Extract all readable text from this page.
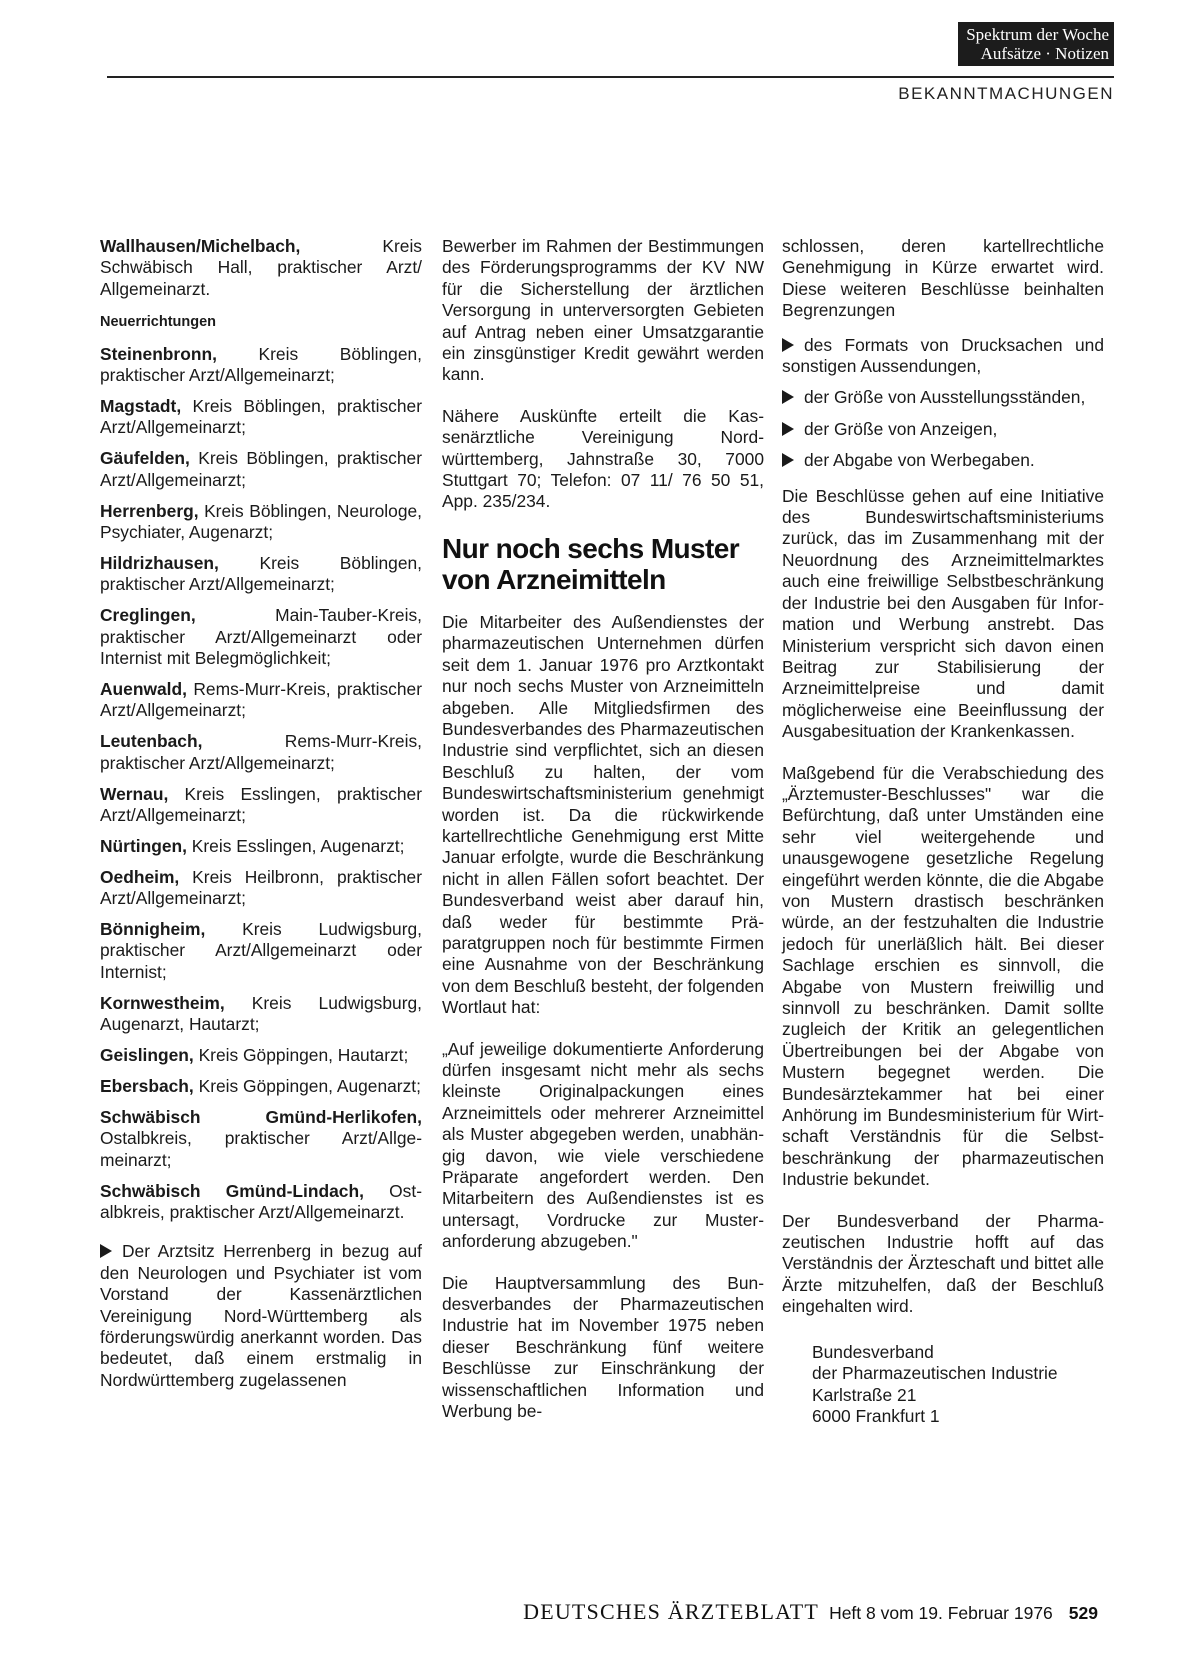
Spektrum der Woche
Aufsätze · Notizen
BEKANNTMACHUNGEN

Wallhausen/Michelbach, Kreis Schwäbisch Hall, praktischer Arzt/ Allgemeinarzt.

Neuerrichtungen

Steinenbronn, Kreis Böblingen, praktischer Arzt/Allgemeinarzt;

Magstadt, Kreis Böblingen, praktischer Arzt/Allgemeinarzt;

Gäufelden, Kreis Böblingen, praktischer Arzt/Allgemeinarzt;

Herrenberg, Kreis Böblingen, Neurologe, Psychiater, Augenarzt;

Hildrizhausen, Kreis Böblingen, praktischer Arzt/Allgemeinarzt;

Creglingen, Main-Tauber-Kreis, praktischer Arzt/Allgemeinarzt oder Internist mit Belegmöglichkeit;

Auenwald, Rems-Murr-Kreis, praktischer Arzt/Allgemeinarzt;

Leutenbach, Rems-Murr-Kreis, praktischer Arzt/Allgemeinarzt;

Wernau, Kreis Esslingen, praktischer Arzt/Allgemeinarzt;

Nürtingen, Kreis Esslingen, Augenarzt;

Oedheim, Kreis Heilbronn, praktischer Arzt/Allgemeinarzt;

Bönnigheim, Kreis Ludwigsburg, praktischer Arzt/Allgemeinarzt oder Internist;

Kornwestheim, Kreis Ludwigsburg, Augenarzt, Hautarzt;

Geislingen, Kreis Göppingen, Hautarzt;

Ebersbach, Kreis Göppingen, Augenarzt;

Schwäbisch Gmünd-Herlikofen, Ostalbkreis, praktischer Arzt/Allgemeinarzt;

Schwäbisch Gmünd-Lindach, Ostalbkreis, praktischer Arzt/Allgemeinarzt.

Der Arztsitz Herrenberg in bezug auf den Neurologen und Psychiater ist vom Vorstand der Kassenärztlichen Vereinigung Nord-Württemberg als förderungswürdig anerkannt worden. Das bedeutet, daß einem erstmalig in Nordwürttemberg zugelassenen

Bewerber im Rahmen der Bestimmungen des Förderungsprogramms der KV NW für die Sicherstellung der ärztlichen Versorgung in unterversorgten Gebieten auf Antrag neben einer Umsatzgarantie ein zinsgünstiger Kredit gewährt werden kann.

Nähere Auskünfte erteilt die Kassenärztliche Vereinigung Nordwürttemberg, Jahnstraße 30, 7000 Stuttgart 70; Telefon: 07 11/ 76 50 51, App. 235/234.

Nur noch sechs Muster von Arzneimitteln

Die Mitarbeiter des Außendienstes der pharmazeutischen Unternehmen dürfen seit dem 1. Januar 1976 pro Arztkontakt nur noch sechs Muster von Arzneimitteln abgeben. Alle Mitgliedsfirmen des Bundesverbandes des Pharmazeutischen Industrie sind verpflichtet, sich an diesen Beschluß zu halten, der vom Bundeswirtschaftsministerium genehmigt worden ist. Da die rückwirkende kartellrechtliche Genehmigung erst Mitte Januar erfolgte, wurde die Beschränkung nicht in allen Fällen sofort beachtet. Der Bundesverband weist aber darauf hin, daß weder für bestimmte Präparatgruppen noch für bestimmte Firmen eine Ausnahme von der Beschränkung von dem Beschluß besteht, der folgenden Wortlaut hat:

„Auf jeweilige dokumentierte Anforderung dürfen insgesamt nicht mehr als sechs kleinste Originalpackungen eines Arzneimittels oder mehrerer Arzneimittel als Muster abgegeben werden, unabhängig davon, wie viele verschiedene Präparate angefordert werden. Den Mitarbeitern des Außendienstes ist es untersagt, Vordrucke zur Musteranforderung abzugeben."

Die Hauptversammlung des Bundesverbandes der Pharmazeutischen Industrie hat im November 1975 neben dieser Beschränkung fünf weitere Beschlüsse zur Einschränkung der wissenschaftlichen Information und Werbung be-

schlossen, deren kartellrechtliche Genehmigung in Kürze erwartet wird. Diese weiteren Beschlüsse beinhalten Begrenzungen

des Formats von Drucksachen und sonstigen Aussendungen,

der Größe von Ausstellungsständen,

der Größe von Anzeigen,

der Abgabe von Werbegaben.

Die Beschlüsse gehen auf eine Initiative des Bundeswirtschaftsministeriums zurück, das im Zusammenhang mit der Neuordnung des Arzneimittelmarktes auch eine freiwillige Selbstbeschränkung der Industrie bei den Ausgaben für Information und Werbung anstrebt. Das Ministerium verspricht sich davon einen Beitrag zur Stabilisierung der Arzneimittelpreise und damit möglicherweise eine Beeinflussung der Ausgabesituation der Krankenkassen.

Maßgebend für die Verabschiedung des „Ärztemuster-Beschlusses" war die Befürchtung, daß unter Umständen eine sehr viel weitergehende und unausgewogene gesetzliche Regelung eingeführt werden könnte, die die Abgabe von Mustern drastisch beschränken würde, an der festzuhalten die Industrie jedoch für unerläßlich hält. Bei dieser Sachlage erschien es sinnvoll, die Abgabe von Mustern freiwillig und sinnvoll zu beschränken. Damit sollte zugleich der Kritik an gelegentlichen Übertreibungen bei der Abgabe von Mustern begegnet werden. Die Bundesärztekammer hat bei einer Anhörung im Bundesministerium für Wirtschaft Verständnis für die Selbstbeschränkung der pharmazeutischen Industrie bekundet.

Der Bundesverband der Pharmazeutischen Industrie hofft auf das Verständnis der Ärzteschaft und bittet alle Ärzte mitzuhelfen, daß der Beschluß eingehalten wird.

Bundesverband
der Pharmazeutischen Industrie
Karlstraße 21
6000 Frankfurt 1
DEUTSCHES ÄRZTEBLATT Heft 8 vom 19. Februar 1976 529
